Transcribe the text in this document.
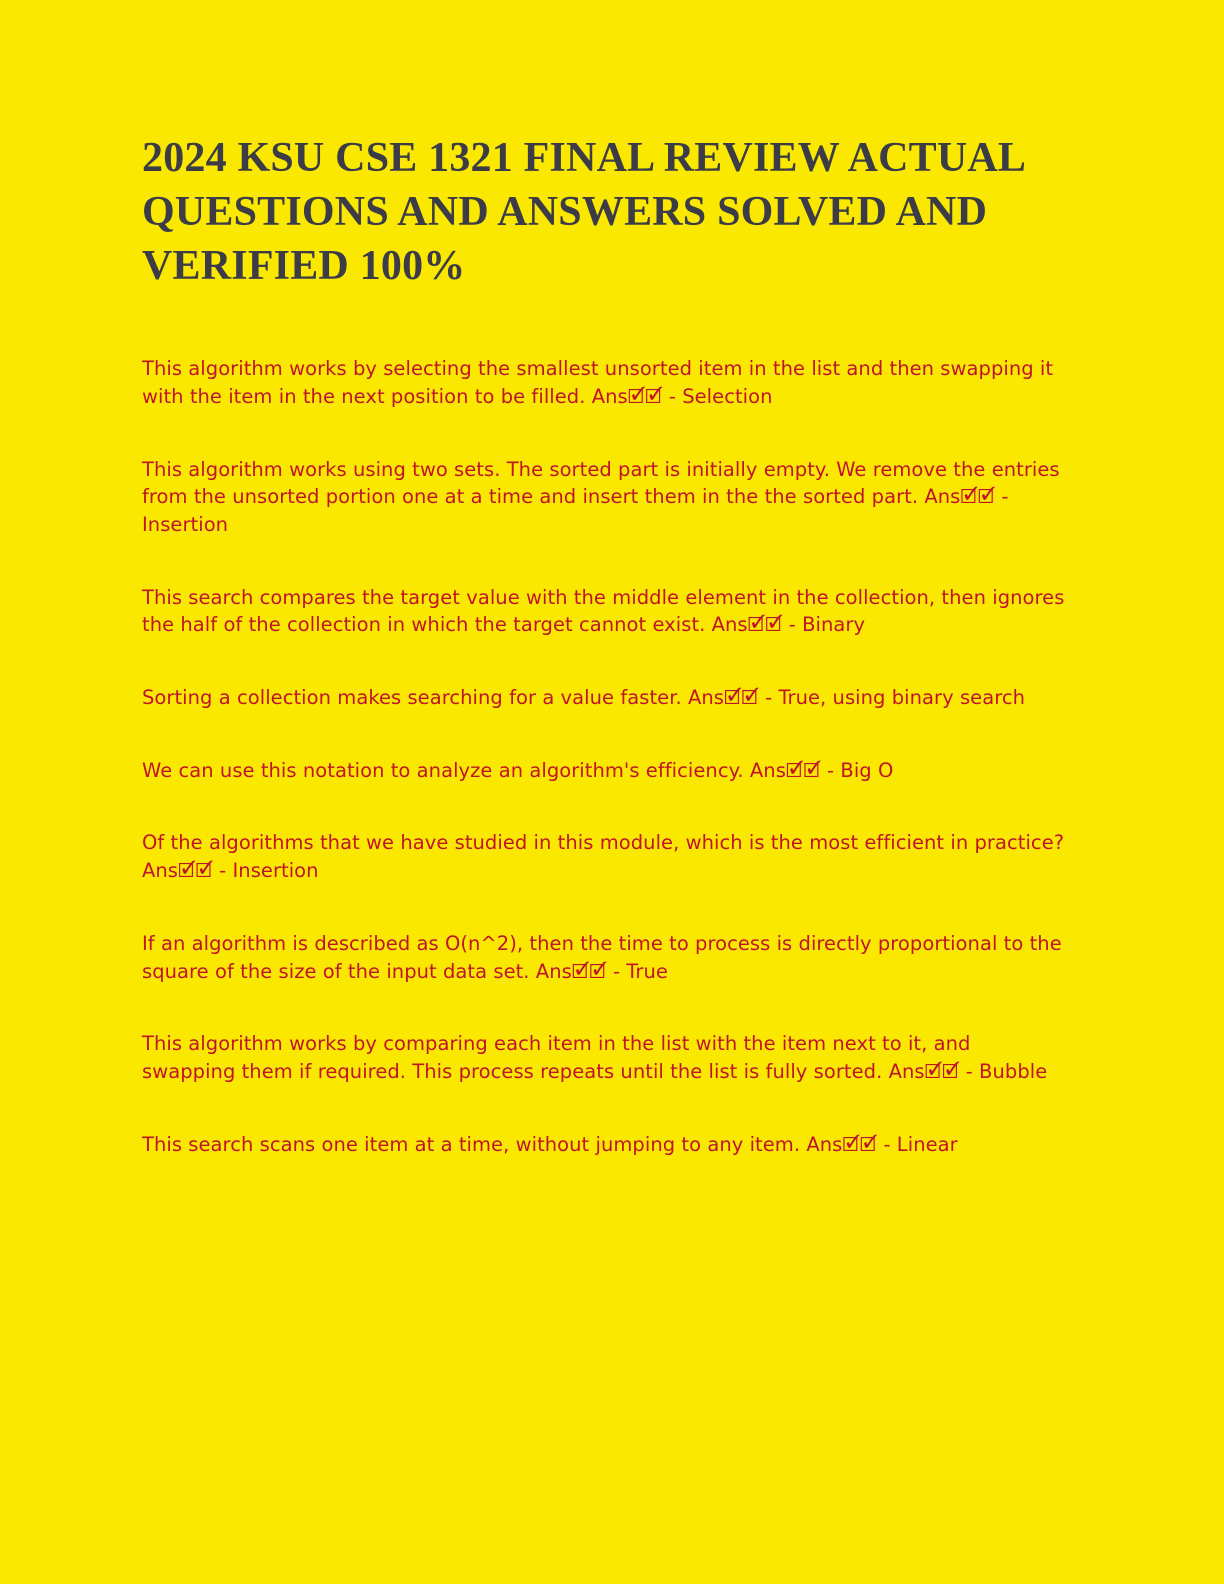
2024 KSU CSE 1321 FINAL REVIEW ACTUAL QUESTIONS AND ANSWERS SOLVED AND VERIFIED 100%

This algorithm works by selecting the smallest unsorted item in the list and then swapping it with the item in the next position to be filled. Ans🗹🗹 - Selection

This algorithm works using two sets. The sorted part is initially empty. We remove the entries from the unsorted portion one at a time and insert them in the the sorted part. Ans🗹🗹 - Insertion

This search compares the target value with the middle element in the collection, then ignores the half of the collection in which the target cannot exist. Ans🗹🗹 - Binary

Sorting a collection makes searching for a value faster. Ans🗹🗹 - True, using binary search

We can use this notation to analyze an algorithm's efficiency. Ans🗹🗹 - Big O

Of the algorithms that we have studied in this module, which is the most efficient in practice? Ans🗹🗹 - Insertion

If an algorithm is described as O(n^2), then the time to process is directly proportional to the square of the size of the input data set. Ans🗹🗹 - True

This algorithm works by comparing each item in the list with the item next to it, and swapping them if required. This process repeats until the list is fully sorted. Ans🗹🗹 - Bubble

This search scans one item at a time, without jumping to any item. Ans🗹🗹 - Linear
